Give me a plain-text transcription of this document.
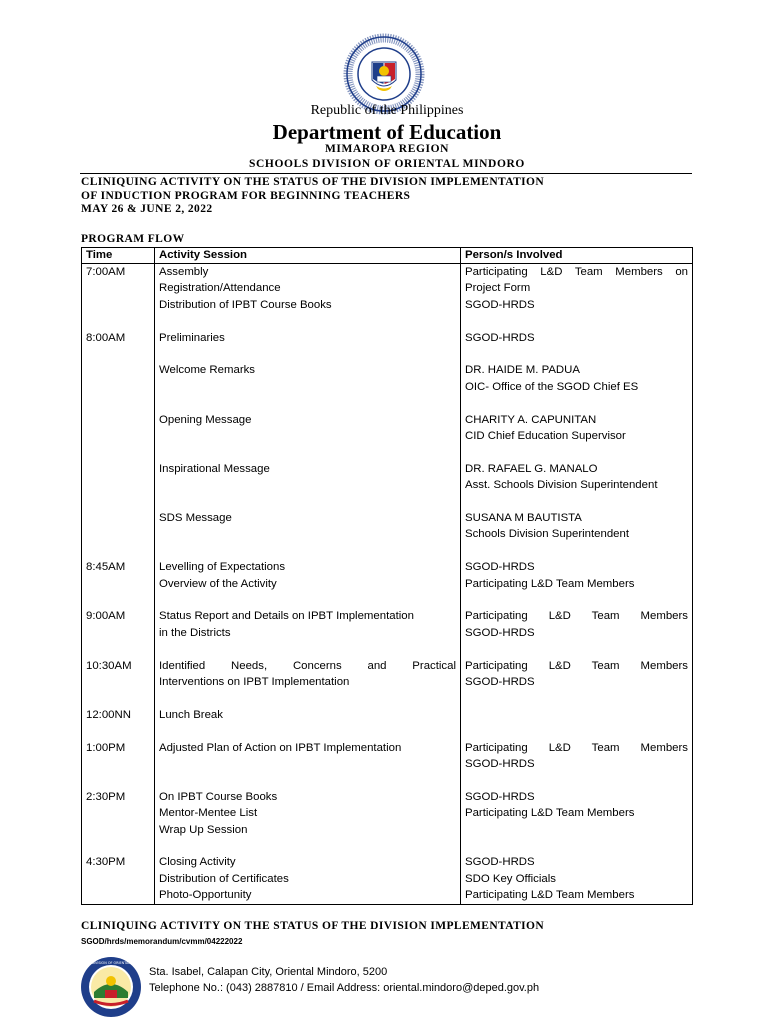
Republic of the Philippines
Department of Education
MIMAROPA REGION
SCHOOLS DIVISION OF ORIENTAL MINDORO
CLINIQUING ACTIVITY ON THE STATUS OF THE DIVISION IMPLEMENTATION
OF INDUCTION PROGRAM FOR BEGINNING TEACHERS
MAY 26 & JUNE 2, 2022
PROGRAM FLOW
Time	Activity Session	Person/s Involved
7:00AM	Assembly	Participating L&D Team Members on
	Registration/Attendance	Project Form
	Distribution of IPBT Course Books	SGOD-HRDS

8:00AM	Preliminaries	SGOD-HRDS

	Welcome Remarks	DR. HAIDE M. PADUA
		OIC- Office of the SGOD Chief ES

	Opening Message	CHARITY A. CAPUNITAN
		CID Chief Education Supervisor

	Inspirational Message	DR. RAFAEL G. MANALO
		Asst. Schools Division Superintendent

	SDS Message	SUSANA M BAUTISTA
		Schools Division Superintendent

8:45AM	Levelling of Expectations	SGOD-HRDS
	Overview of the Activity	Participating L&D Team Members

9:00AM	Status Report and Details on IPBT Implementation	Participating L&D Team Members
	in the Districts	SGOD-HRDS

10:30AM	Identified Needs, Concerns and Practical	Participating L&D Team Members
	Interventions on IPBT Implementation	SGOD-HRDS

12:00NN	Lunch Break	

1:00PM	Adjusted Plan of Action on IPBT Implementation	Participating L&D Team Members
		SGOD-HRDS

2:30PM	On IPBT Course Books	SGOD-HRDS
	Mentor-Mentee List	Participating L&D Team Members
	Wrap Up Session	

4:30PM	Closing Activity	SGOD-HRDS
	Distribution of Certificates	SDO Key Officials
	Photo-Opportunity	Participating L&D Team Members
CLINIQUING ACTIVITY ON THE STATUS OF THE DIVISION IMPLEMENTATION
SGOD/hrds/memorandum/cvmm/04222022
SCHOOLS DIVISION OF ORIENTAL MINDORO
Sta. Isabel, Calapan City, Oriental Mindoro, 5200
Telephone No.: (043) 2887810 / Email Address: oriental.mindoro@deped.gov.ph
